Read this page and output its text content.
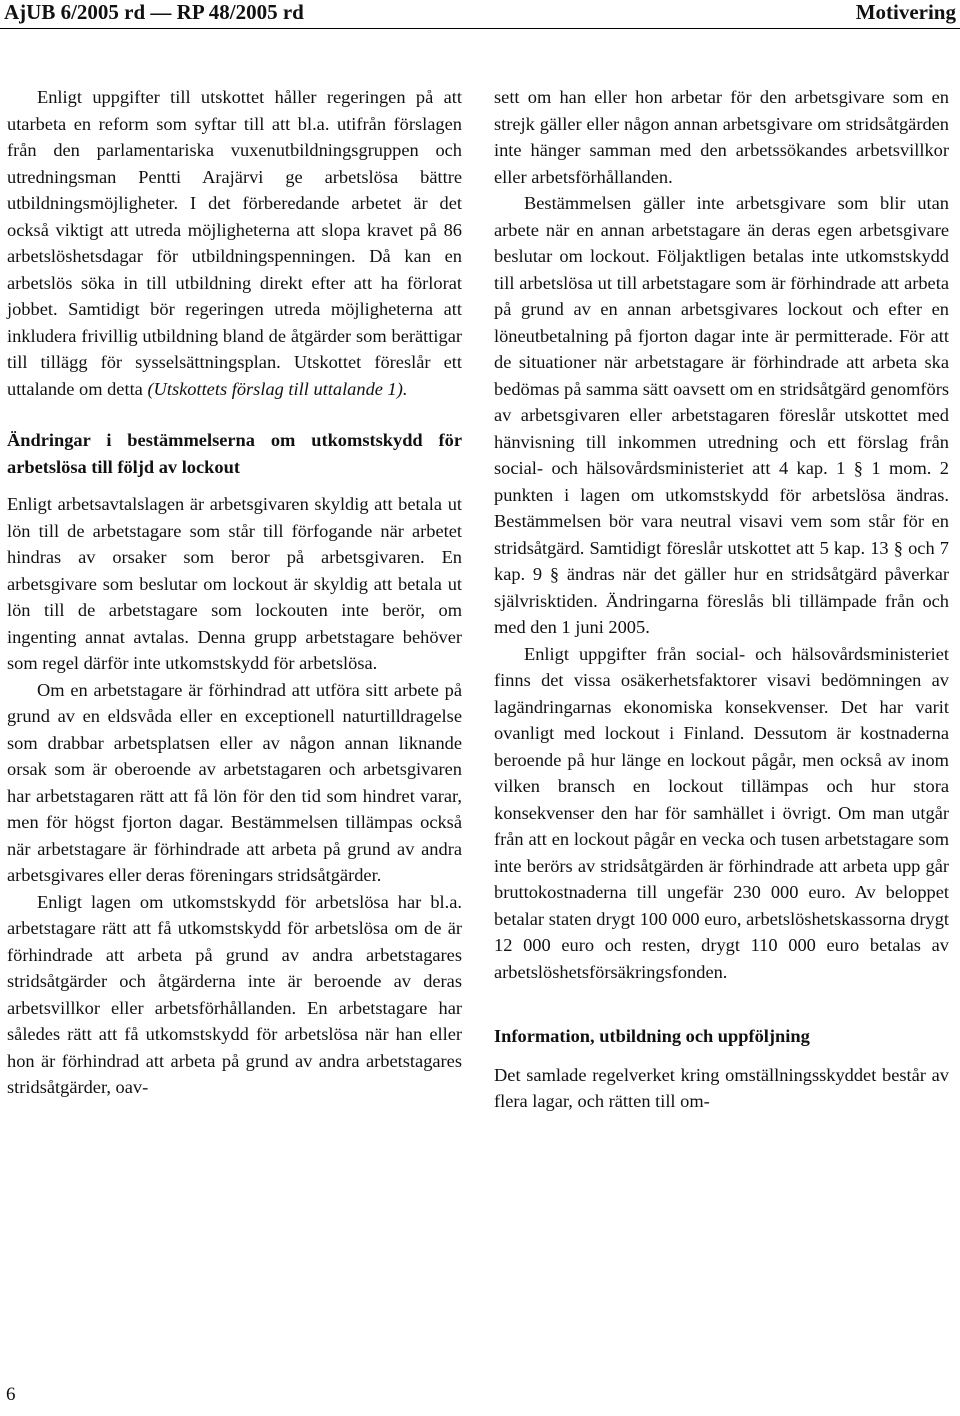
AjUB 6/2005 rd — RP 48/2005 rd	Motivering

Enligt uppgifter till utskottet håller regeringen på att utarbeta en reform som syftar till att bl.a. utifrån förslagen från den parlamentariska vuxenutbildningsgruppen och utredningsman Pentti Arajärvi ge arbetslösa bättre utbildningsmöjligheter. I det förberedande arbetet är det också viktigt att utreda möjligheterna att slopa kravet på 86 arbetslöshetsdagar för utbildningspenningen. Då kan en arbetslös söka in till utbildning direkt efter att ha förlorat jobbet. Samtidigt bör regeringen utreda möjligheterna att inkludera frivillig utbildning bland de åtgärder som berättigar till tillägg för sysselsättningsplan. Utskottet föreslår ett uttalande om detta (Utskottets förslag till uttalande 1).

Ändringar i bestämmelserna om utkomstskydd för arbetslösa till följd av lockout

Enligt arbetsavtalslagen är arbetsgivaren skyldig att betala ut lön till de arbetstagare som står till förfogande när arbetet hindras av orsaker som beror på arbetsgivaren. En arbetsgivare som beslutar om lockout är skyldig att betala ut lön till de arbetstagare som lockouten inte berör, om ingenting annat avtalas. Denna grupp arbetstagare behöver som regel därför inte utkomstskydd för arbetslösa.

Om en arbetstagare är förhindrad att utföra sitt arbete på grund av en eldsvåda eller en exceptionell naturtilldragelse som drabbar arbetsplatsen eller av någon annan liknande orsak som är oberoende av arbetstagaren och arbetsgivaren har arbetstagaren rätt att få lön för den tid som hindret varar, men för högst fjorton dagar. Bestämmelsen tillämpas också när arbetstagare är förhindrade att arbeta på grund av andra arbetsgivares eller deras föreningars stridsåtgärder.

Enligt lagen om utkomstskydd för arbetslösa har bl.a. arbetstagare rätt att få utkomstskydd för arbetslösa om de är förhindrade att arbeta på grund av andra arbetstagares stridsåtgärder och åtgärderna inte är beroende av deras arbetsvillkor eller arbetsförhållanden. En arbetstagare har således rätt att få utkomstskydd för arbetslösa när han eller hon är förhindrad att arbeta på grund av andra arbetstagares stridsåtgärder, oav-

sett om han eller hon arbetar för den arbetsgivare som en strejk gäller eller någon annan arbetsgivare om stridsåtgärden inte hänger samman med den arbetssökandes arbetsvillkor eller arbetsförhållanden.

Bestämmelsen gäller inte arbetsgivare som blir utan arbete när en annan arbetstagare än deras egen arbetsgivare beslutar om lockout. Följaktligen betalas inte utkomstskydd till arbetslösa ut till arbetstagare som är förhindrade att arbeta på grund av en annan arbetsgivares lockout och efter en löneutbetalning på fjorton dagar inte är permitterade. För att de situationer när arbetstagare är förhindrade att arbeta ska bedömas på samma sätt oavsett om en stridsåtgärd genomförs av arbetsgivaren eller arbetstagaren föreslår utskottet med hänvisning till inkommen utredning och ett förslag från social- och hälsovårdsministeriet att 4 kap. 1 § 1 mom. 2 punkten i lagen om utkomstskydd för arbetslösa ändras. Bestämmelsen bör vara neutral visavi vem som står för en stridsåtgärd. Samtidigt föreslår utskottet att 5 kap. 13 § och 7 kap. 9 § ändras när det gäller hur en stridsåtgärd påverkar självrisktiden. Ändringarna föreslås bli tillämpade från och med den 1 juni 2005.

Enligt uppgifter från social- och hälsovårdsministeriet finns det vissa osäkerhetsfaktorer visavi bedömningen av lagändringarnas ekonomiska konsekvenser. Det har varit ovanligt med lockout i Finland. Dessutom är kostnaderna beroende på hur länge en lockout pågår, men också av inom vilken bransch en lockout tillämpas och hur stora konsekvenser den har för samhället i övrigt. Om man utgår från att en lockout pågår en vecka och tusen arbetstagare som inte berörs av stridsåtgärden är förhindrade att arbeta upp går bruttokostnaderna till ungefär 230 000 euro. Av beloppet betalar staten drygt 100 000 euro, arbetslöshetskassorna drygt 12 000 euro och resten, drygt 110 000 euro betalas av arbetslöshetsförsäkringsfonden.

Information, utbildning och uppföljning

Det samlade regelverket kring omställningsskyddet består av flera lagar, och rätten till om-

6
